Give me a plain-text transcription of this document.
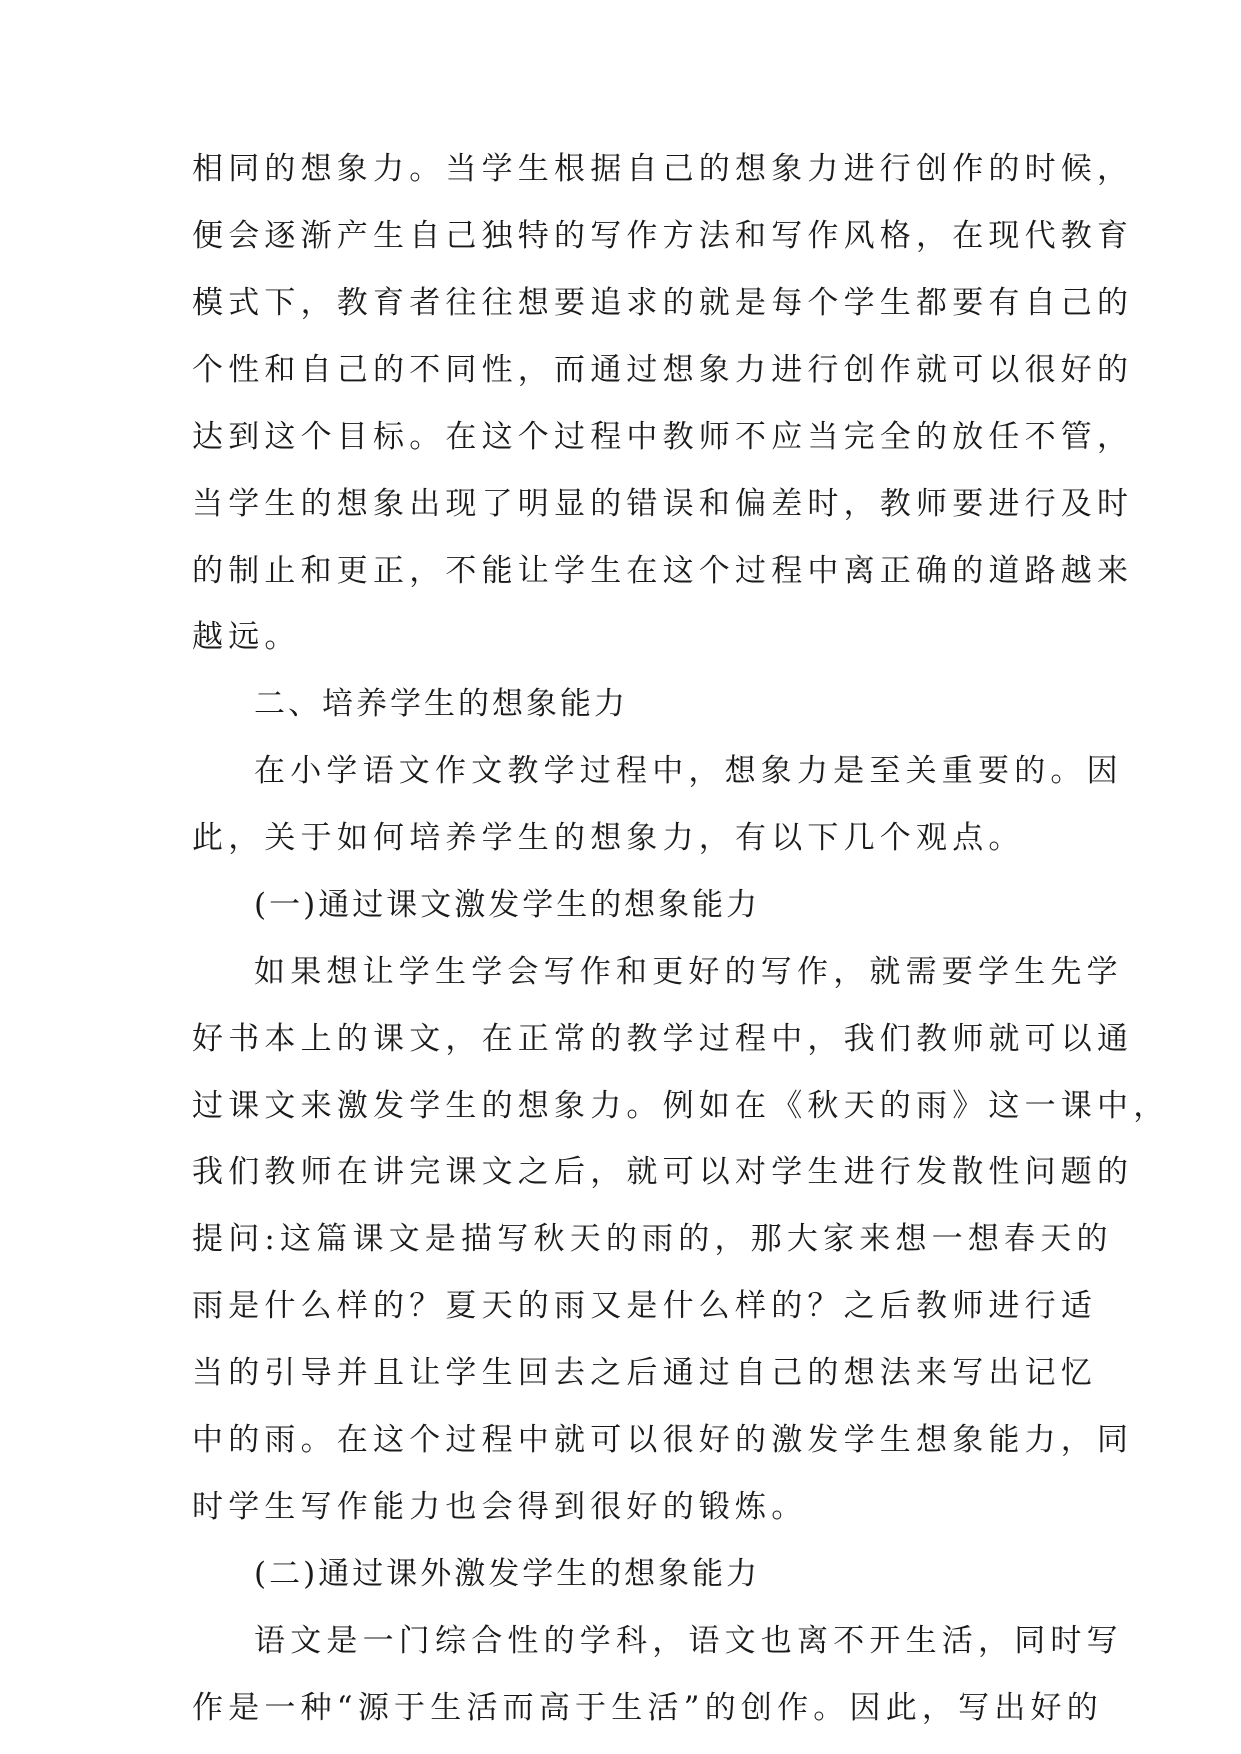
相同的想象力。当学生根据自己的想象力进行创作的时候，
便会逐渐产生自己独特的写作方法和写作风格，在现代教育
模式下，教育者往往想要追求的就是每个学生都要有自己的
个性和自己的不同性，而通过想象力进行创作就可以很好的
达到这个目标。在这个过程中教师不应当完全的放任不管，
当学生的想象出现了明显的错误和偏差时，教师要进行及时
的制止和更正，不能让学生在这个过程中离正确的道路越来
越远。
二、培养学生的想象能力
在小学语文作文教学过程中，想象力是至关重要的。因
此，关于如何培养学生的想象力，有以下几个观点。
(一)通过课文激发学生的想象能力
如果想让学生学会写作和更好的写作，就需要学生先学
好书本上的课文，在正常的教学过程中，我们教师就可以通
过课文来激发学生的想象力。例如在《秋天的雨》这一课中，
我们教师在讲完课文之后，就可以对学生进行发散性问题的
提问:这篇课文是描写秋天的雨的，那大家来想一想春天的
雨是什么样的？夏天的雨又是什么样的？之后教师进行适
当的引导并且让学生回去之后通过自己的想法来写出记忆
中的雨。在这个过程中就可以很好的激发学生想象能力，同
时学生写作能力也会得到很好的锻炼。
(二)通过课外激发学生的想象能力
语文是一门综合性的学科，语文也离不开生活，同时写
作是一种“源于生活而高于生活”的创作。因此，写出好的
